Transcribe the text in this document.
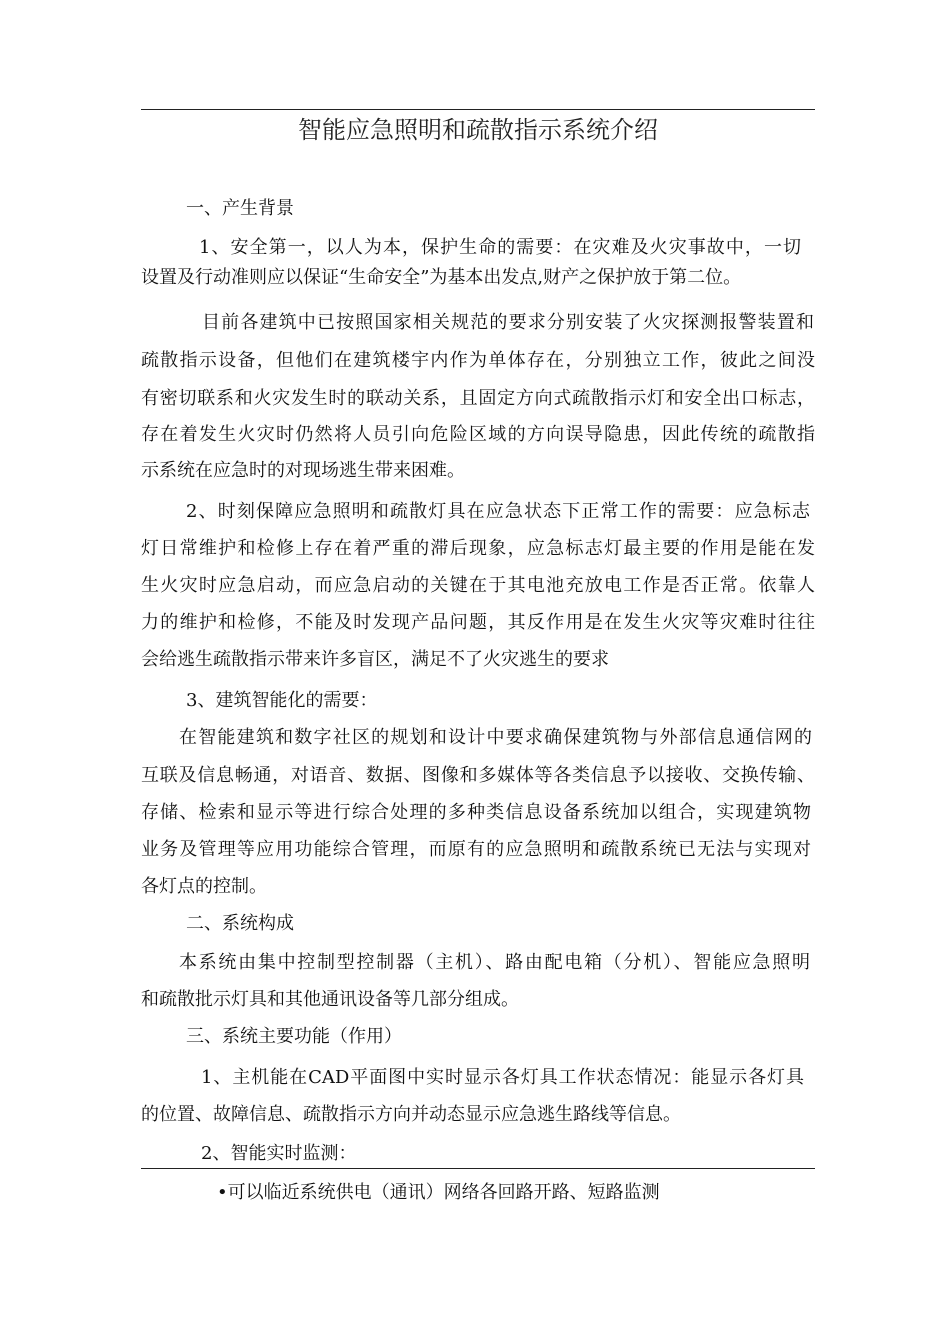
智能应急照明和疏散指示系统介绍
一、产生背景
1、安全第一，以人为本，保护生命的需要：在灾难及火灾事故中，一切
设置及行动准则应以保证“生命安全”为基本出发点,财产之保护放于第二位。
目前各建筑中已按照国家相关规范的要求分别安装了火灾探测报警装置和
疏散指示设备，但他们在建筑楼宇内作为单体存在，分别独立工作，彼此之间没
有密切联系和火灾发生时的联动关系，且固定方向式疏散指示灯和安全出口标志，
存在着发生火灾时仍然将人员引向危险区域的方向误导隐患，因此传统的疏散指
示系统在应急时的对现场逃生带来困难。
2、时刻保障应急照明和疏散灯具在应急状态下正常工作的需要：应急标志
灯日常维护和检修上存在着严重的滞后现象，应急标志灯最主要的作用是能在发
生火灾时应急启动，而应急启动的关键在于其电池充放电工作是否正常。依靠人
力的维护和检修，不能及时发现产品问题，其反作用是在发生火灾等灾难时往往
会给逃生疏散指示带来许多盲区，满足不了火灾逃生的要求
3、建筑智能化的需要：
在智能建筑和数字社区的规划和设计中要求确保建筑物与外部信息通信网的
互联及信息畅通，对语音、数据、图像和多媒体等各类信息予以接收、交换传输、
存储、检索和显示等进行综合处理的多种类信息设备系统加以组合，实现建筑物
业务及管理等应用功能综合管理，而原有的应急照明和疏散系统已无法与实现对
各灯点的控制。
二、系统构成
本系统由集中控制型控制器（主机）、路由配电箱（分机）、智能应急照明
和疏散批示灯具和其他通讯设备等几部分组成。
三、系统主要功能（作用）
1、主机能在CAD平面图中实时显示各灯具工作状态情况：能显示各灯具
的位置、故障信息、疏散指示方向并动态显示应急逃生路线等信息。
2、智能实时监测：
•可以临近系统供电（通讯）网络各回路开路、短路监测
